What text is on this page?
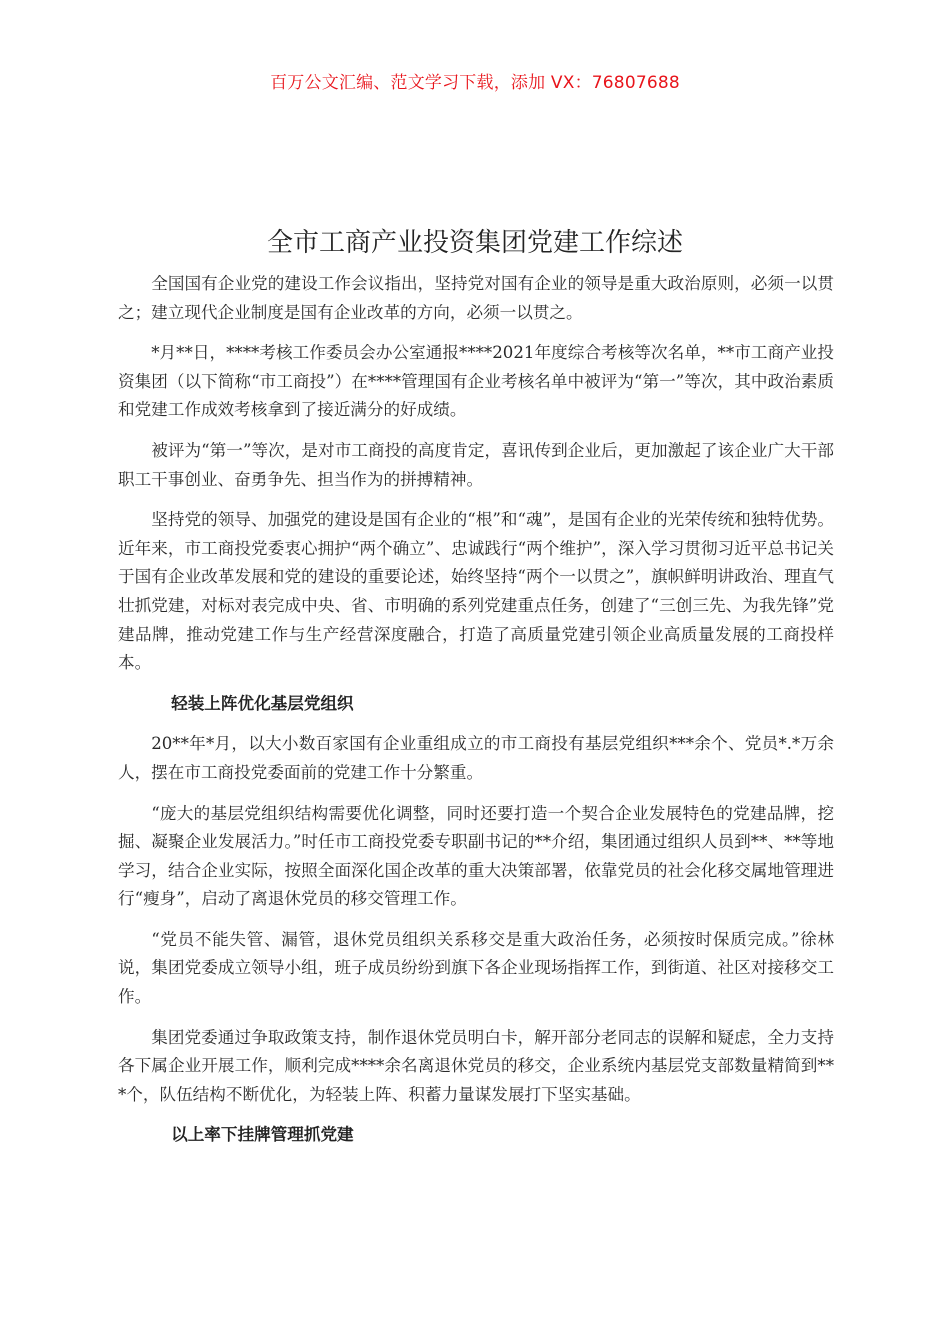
百万公文汇编、范文学习下载，添加 VX：76807688
全市工商产业投资集团党建工作综述

全国国有企业党的建设工作会议指出，坚持党对国有企业的领导是重大政治原则，必须一以贯之；建立现代企业制度是国有企业改革的方向，必须一以贯之。

*月**日，****考核工作委员会办公室通报****2021年度综合考核等次名单，**市工商产业投资集团（以下简称“市工商投”）在****管理国有企业考核名单中被评为“第一”等次，其中政治素质和党建工作成效考核拿到了接近满分的好成绩。

被评为“第一”等次，是对市工商投的高度肯定，喜讯传到企业后，更加激起了该企业广大干部职工干事创业、奋勇争先、担当作为的拼搏精神。

坚持党的领导、加强党的建设是国有企业的“根”和“魂”，是国有企业的光荣传统和独特优势。近年来，市工商投党委衷心拥护“两个确立”、忠诚践行“两个维护”，深入学习贯彻习近平总书记关于国有企业改革发展和党的建设的重要论述，始终坚持“两个一以贯之”，旗帜鲜明讲政治、理直气壮抓党建，对标对表完成中央、省、市明确的系列党建重点任务，创建了“三创三先、为我先锋”党建品牌，推动党建工作与生产经营深度融合，打造了高质量党建引领企业高质量发展的工商投样本。

轻装上阵优化基层党组织

20**年*月，以大小数百家国有企业重组成立的市工商投有基层党组织***余个、党员*.*万余人，摆在市工商投党委面前的党建工作十分繁重。

“庞大的基层党组织结构需要优化调整，同时还要打造一个契合企业发展特色的党建品牌，挖掘、凝聚企业发展活力。”时任市工商投党委专职副书记的**介绍，集团通过组织人员到**、**等地学习，结合企业实际，按照全面深化国企改革的重大决策部署，依靠党员的社会化移交属地管理进行“瘦身”，启动了离退休党员的移交管理工作。

“党员不能失管、漏管，退休党员组织关系移交是重大政治任务，必须按时保质完成。”徐林说，集团党委成立领导小组，班子成员纷纷到旗下各企业现场指挥工作，到街道、社区对接移交工作。

集团党委通过争取政策支持，制作退休党员明白卡，解开部分老同志的误解和疑虑，全力支持各下属企业开展工作，顺利完成****余名离退休党员的移交，企业系统内基层党支部数量精简到***个，队伍结构不断优化，为轻装上阵、积蓄力量谋发展打下坚实基础。

以上率下挂牌管理抓党建
